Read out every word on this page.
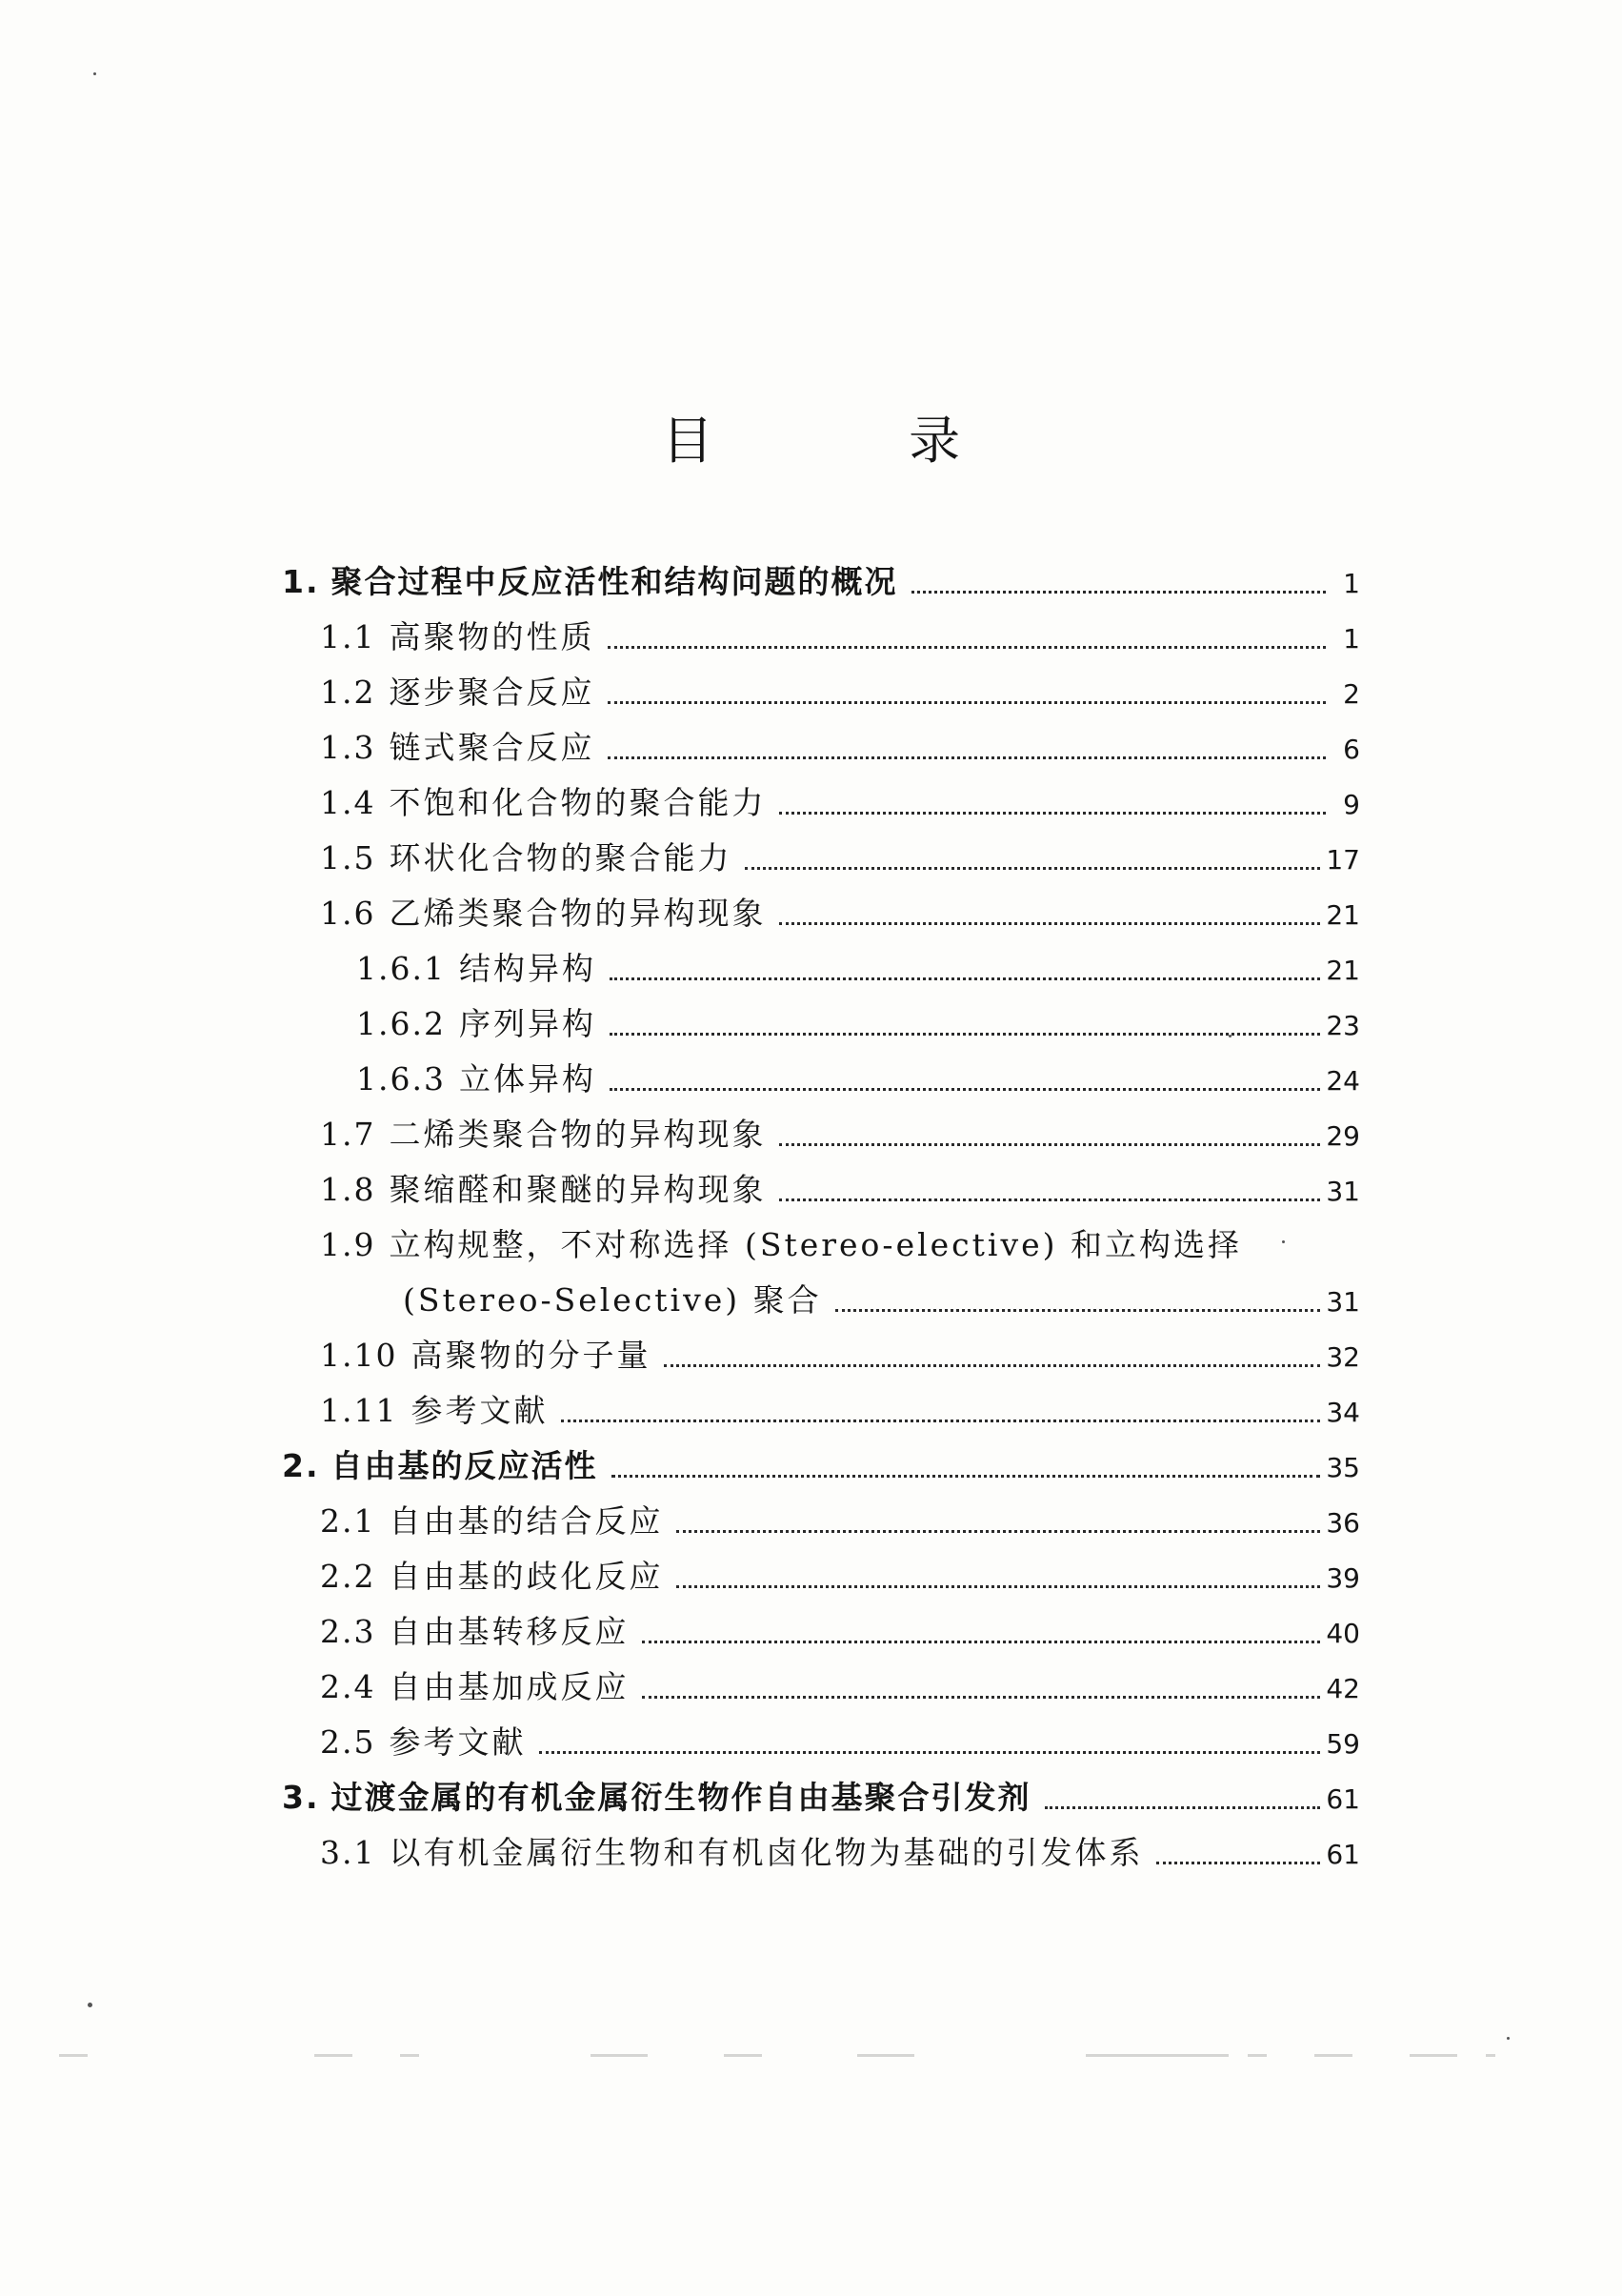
目 录
1. 聚合过程中反应活性和结构问题的概况	1
1.1 高聚物的性质	1
1.2 逐步聚合反应	2
1.3 链式聚合反应	6
1.4 不饱和化合物的聚合能力	9
1.5 环状化合物的聚合能力	17
1.6 乙烯类聚合物的异构现象	21
1.6.1 结构异构	21
1.6.2 序列异构	23
1.6.3 立体异构	24
1.7 二烯类聚合物的异构现象	29
1.8 聚缩醛和聚醚的异构现象	31
1.9 立构规整，不对称选择 (Stereo-elective) 和立构选择
(Stereo-Selective) 聚合	31
1.10 高聚物的分子量	32
1.11 参考文献	34
2. 自由基的反应活性	35
2.1 自由基的结合反应	36
2.2 自由基的歧化反应	39
2.3 自由基转移反应	40
2.4 自由基加成反应	42
2.5 参考文献	59
3. 过渡金属的有机金属衍生物作自由基聚合引发剂	61
3.1 以有机金属衍生物和有机卤化物为基础的引发体系	61
